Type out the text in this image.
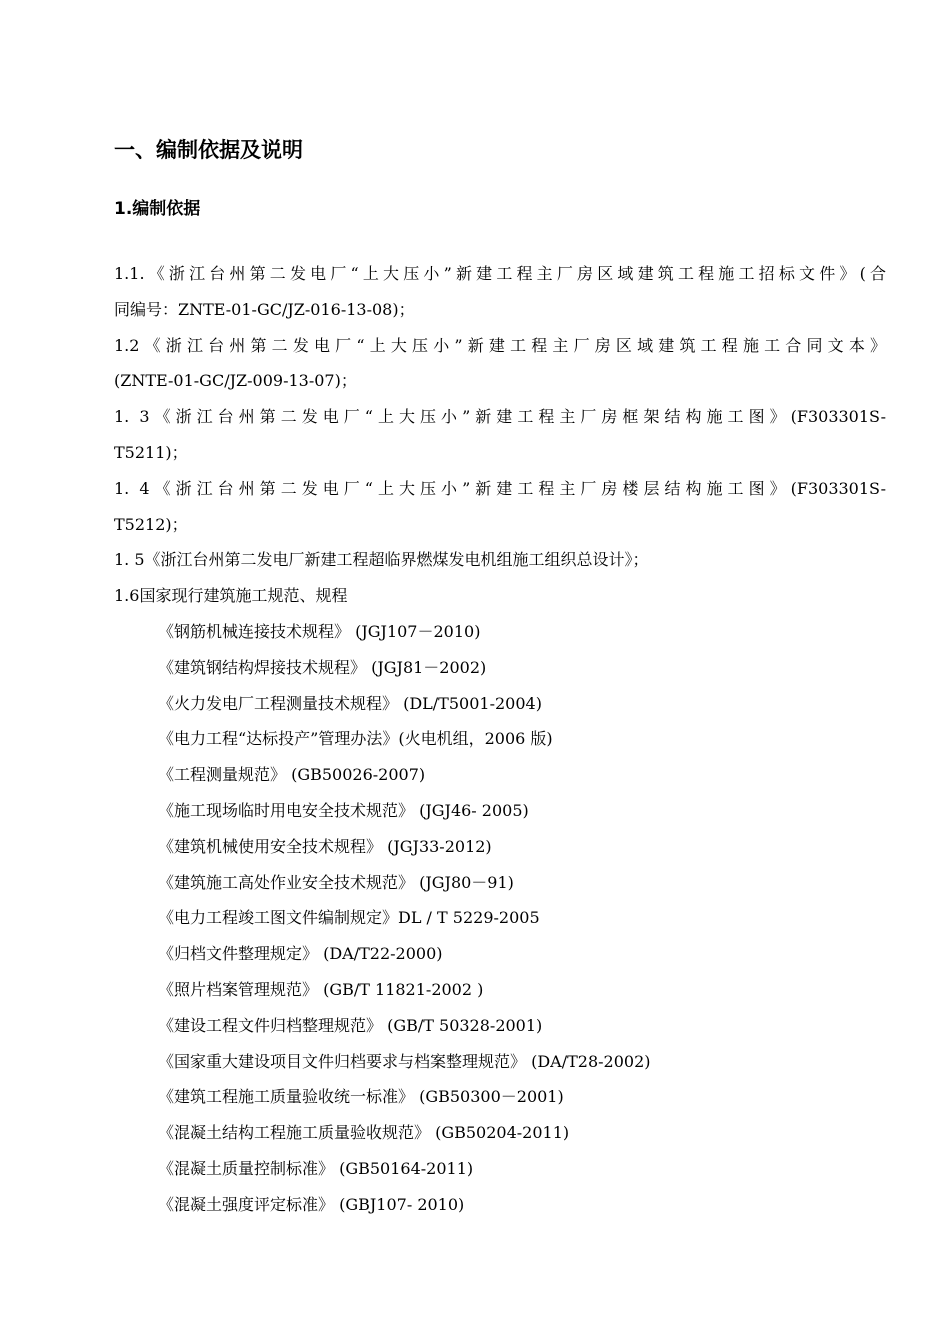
一、编制依据及说明
1.编制依据
1.1.《浙江台州第二发电厂“上大压小”新建工程主厂房区域建筑工程施工招标文件》(合
同编号：ZNTE-01-GC/JZ-016-13-08)；
1.2《浙江台州第二发电厂“上大压小”新建工程主厂房区域建筑工程施工合同文本》
(ZNTE-01-GC/JZ-009-13-07)；
1. 3《浙江台州第二发电厂“上大压小”新建工程主厂房框架结构施工图》(F303301S-
T5211)；
1. 4《浙江台州第二发电厂“上大压小”新建工程主厂房楼层结构施工图》(F303301S-
T5212)；
1. 5《浙江台州第二发电厂新建工程超临界燃煤发电机组施工组织总设计》；
1.6国家现行建筑施工规范、规程
《钢筋机械连接技术规程》 (JGJ107－2010)
《建筑钢结构焊接技术规程》 (JGJ81－2002)
《火力发电厂工程测量技术规程》 (DL/T5001-2004)
《电力工程“达标投产”管理办法》(火电机组，2006 版)
《工程测量规范》 (GB50026-2007)
《施工现场临时用电安全技术规范》 (JGJ46- 2005)
《建筑机械使用安全技术规程》 (JGJ33-2012)
《建筑施工高处作业安全技术规范》 (JGJ80－91)
《电力工程竣工图文件编制规定》DL / T 5229-2005
《归档文件整理规定》 (DA/T22-2000)
《照片档案管理规范》 (GB/T 11821-2002 )
《建设工程文件归档整理规范》 (GB/T 50328-2001)
《国家重大建设项目文件归档要求与档案整理规范》 (DA/T28-2002)
《建筑工程施工质量验收统一标准》 (GB50300－2001)
《混凝土结构工程施工质量验收规范》 (GB50204-2011)
《混凝土质量控制标准》 (GB50164-2011)
《混凝土强度评定标准》 (GBJ107- 2010)
